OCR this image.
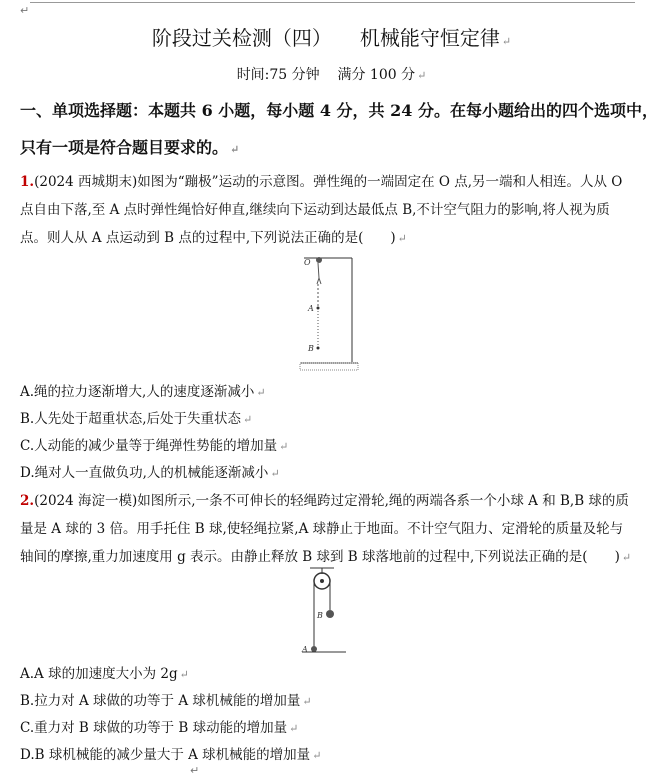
↵
阶段过关检测（四） 机械能守恒定律 ↵
时间:75 分钟    满分 100 分 ↵
一、单项选择题：本题共 6 小题，每小题 4 分，共 24 分。在每小题给出的四个选项中，
只有一项是符合题目要求的。 ↵
1.(2024 西城期末)如图为“蹦极”运动的示意图。弹性绳的一端固定在 O 点,另一端和人相连。人从 O
点自由下落,至 A 点时弹性绳恰好伸直,继续向下运动到达最低点 B,不计空气阻力的影响,将人视为质
点。则人从 A 点运动到 B 点的过程中,下列说法正确的是(　　) ↵
O
A
B
A.绳的拉力逐渐增大,人的速度逐渐减小 ↵
B.人先处于超重状态,后处于失重状态 ↵
C.人动能的减少量等于绳弹性势能的增加量 ↵
D.绳对人一直做负功,人的机械能逐渐减小 ↵
2.(2024 海淀一模)如图所示,一条不可伸长的轻绳跨过定滑轮,绳的两端各系一个小球 A 和 B,B 球的质
量是 A 球的 3 倍。用手托住 B 球,使轻绳拉紧,A 球静止于地面。不计空气阻力、定滑轮的质量及轮与
轴间的摩擦,重力加速度用 g 表示。由静止释放 B 球到 B 球落地前的过程中,下列说法正确的是(　　) ↵
B
A
A.A 球的加速度大小为 2g ↵
B.拉力对 A 球做的功等于 A 球机械能的增加量 ↵
C.重力对 B 球做的功等于 B 球动能的增加量 ↵
D.B 球机械能的减少量大于 A 球机械能的增加量 ↵
↵
